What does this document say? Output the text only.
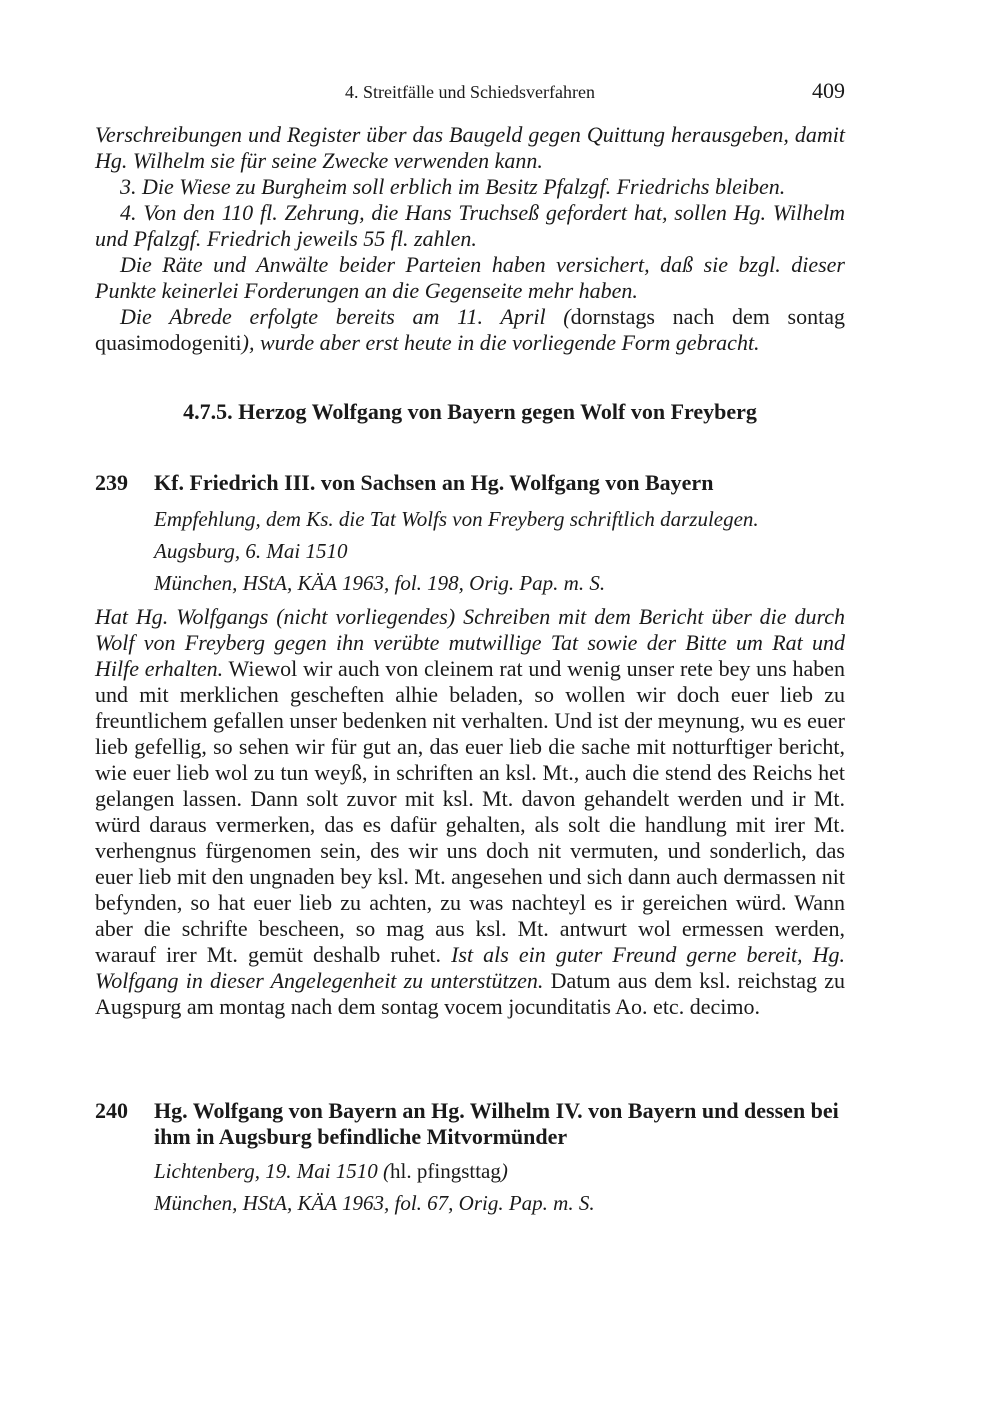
4. Streitfälle und Schiedsverfahren	409

Verschreibungen und Register über das Baugeld gegen Quittung herausgeben, damit Hg. Wilhelm sie für seine Zwecke verwenden kann.

3. Die Wiese zu Burgheim soll erblich im Besitz Pfalzgf. Friedrichs bleiben.

4. Von den 110 fl. Zehrung, die Hans Truchseß gefordert hat, sollen Hg. Wilhelm und Pfalzgf. Friedrich jeweils 55 fl. zahlen.

Die Räte und Anwälte beider Parteien haben versichert, daß sie bzgl. dieser Punkte keinerlei Forderungen an die Gegenseite mehr haben.

Die Abrede erfolgte bereits am 11. April (dornstags nach dem sontag quasimodogeniti), wurde aber erst heute in die vorliegende Form gebracht.

4.7.5. Herzog Wolfgang von Bayern gegen Wolf von Freyberg
239 Kf. Friedrich III. von Sachsen an Hg. Wolfgang von Bayern
Empfehlung, dem Ks. die Tat Wolfs von Freyberg schriftlich darzulegen.
Augsburg, 6. Mai 1510
München, HStA, KÄA 1963, fol. 198, Orig. Pap. m. S.

Hat Hg. Wolfgangs (nicht vorliegendes) Schreiben mit dem Bericht über die durch Wolf von Freyberg gegen ihn verübte mutwillige Tat sowie der Bitte um Rat und Hilfe erhalten. Wiewol wir auch von cleinem rat und wenig unser rete bey uns haben und mit merklichen gescheften alhie beladen, so wollen wir doch euer lieb zu freuntlichem gefallen unser bedenken nit verhalten. Und ist der meynung, wu es euer lieb gefellig, so sehen wir für gut an, das euer lieb die sache mit notturftiger bericht, wie euer lieb wol zu tun weyß, in schriften an ksl. Mt., auch die stend des Reichs het gelangen lassen. Dann solt zuvor mit ksl. Mt. davon gehandelt werden und ir Mt. würd daraus vermerken, das es dafür gehalten, als solt die handlung mit irer Mt. verhengnus fürgenomen sein, des wir uns doch nit vermuten, und sonderlich, das euer lieb mit den ungnaden bey ksl. Mt. angesehen und sich dann auch dermassen nit befynden, so hat euer lieb zu achten, zu was nachteyl es ir gereichen würd. Wann aber die schrifte bescheen, so mag aus ksl. Mt. antwurt wol ermessen werden, warauf irer Mt. gemüt deshalb ruhet. Ist als ein guter Freund gerne bereit, Hg. Wolfgang in dieser Angelegenheit zu unterstützen. Datum aus dem ksl. reichstag zu Augspurg am montag nach dem sontag vocem jocunditatis Ao. etc. decimo.

240 Hg. Wolfgang von Bayern an Hg. Wilhelm IV. von Bayern und dessen bei ihm in Augsburg befindliche Mitvormünder
Lichtenberg, 19. Mai 1510 (hl. pfingsttag)
München, HStA, KÄA 1963, fol. 67, Orig. Pap. m. S.
